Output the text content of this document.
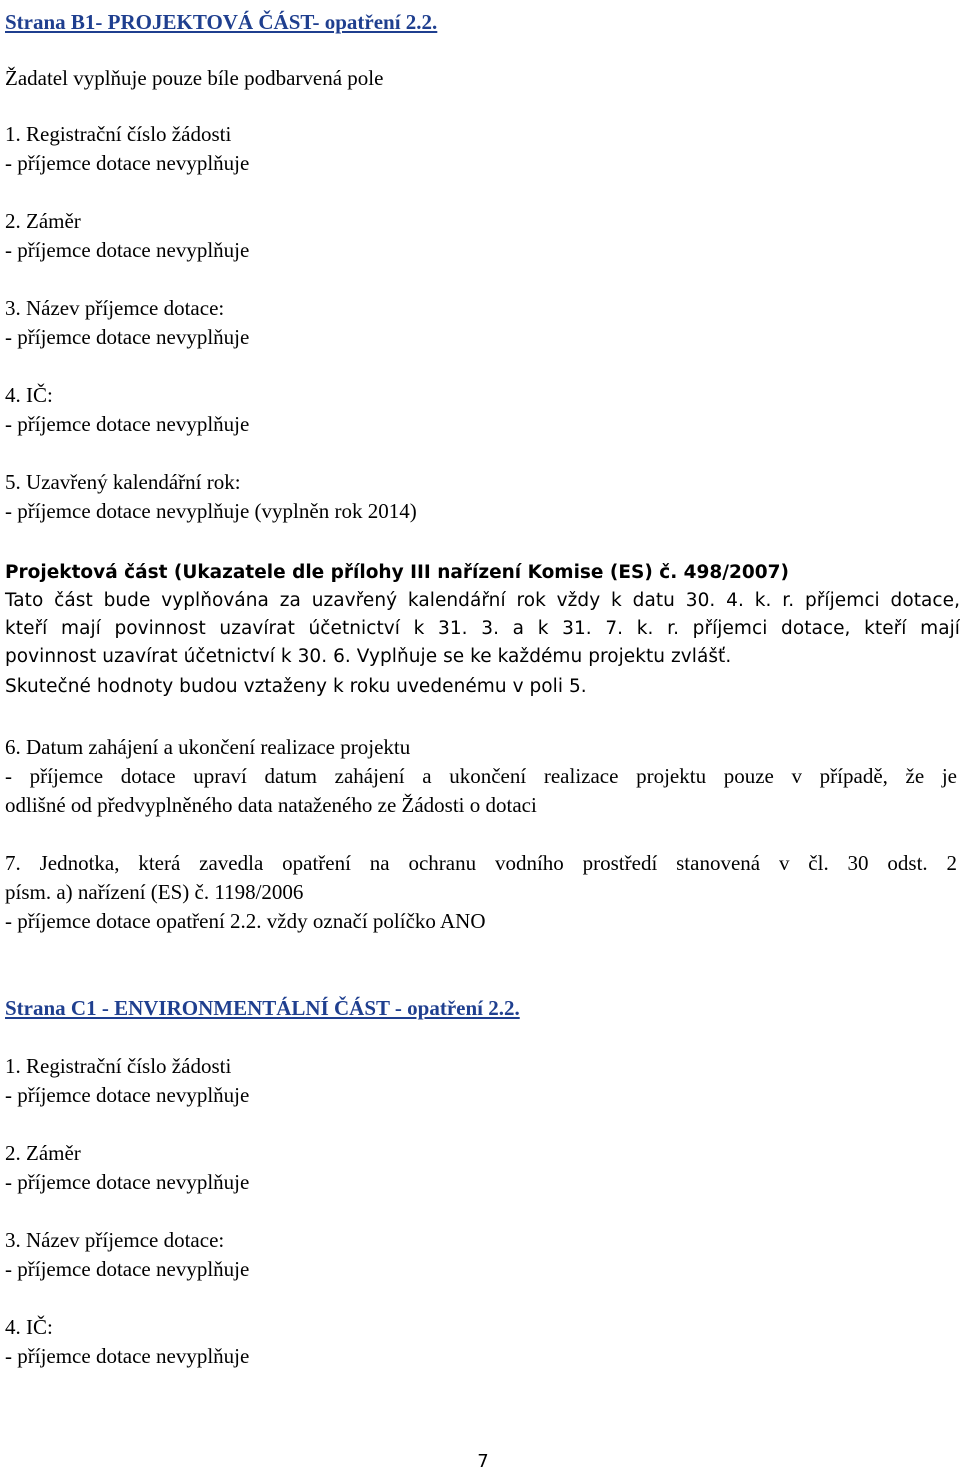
Strana B1- PROJEKTOVÁ ČÁST- opatření 2.2.
Žadatel vyplňuje pouze bíle podbarvená pole
1. Registrační číslo žádosti
- příjemce dotace nevyplňuje
2. Záměr
- příjemce dotace nevyplňuje
3. Název příjemce dotace:
- příjemce dotace nevyplňuje
4. IČ:
- příjemce dotace nevyplňuje
5. Uzavřený kalendářní rok:
- příjemce dotace nevyplňuje (vyplněn rok 2014)
Projektová část (Ukazatele dle přílohy III nařízení Komise (ES) č. 498/2007)
Tato část bude vyplňována za uzavřený kalendářní rok vždy k datu 30. 4. k. r. příjemci dotace,
kteří mají povinnost uzavírat účetnictví k 31. 3. a k 31. 7. k. r. příjemci dotace, kteří mají
povinnost uzavírat účetnictví k 30. 6. Vyplňuje se ke každému projektu zvlášť.
Skutečné hodnoty budou vztaženy k roku uvedenému v poli 5.
6. Datum zahájení a ukončení realizace projektu
- příjemce dotace upraví datum zahájení a ukončení realizace projektu pouze v případě, že je
odlišné od předvyplněného data nataženého ze Žádosti o dotaci
7. Jednotka, která zavedla opatření na ochranu vodního prostředí stanovená v čl. 30 odst. 2
písm. a) nařízení (ES) č. 1198/2006
- příjemce dotace opatření 2.2. vždy označí políčko ANO
Strana C1 - ENVIRONMENTÁLNÍ ČÁST - opatření 2.2.
1. Registrační číslo žádosti
- příjemce dotace nevyplňuje
2. Záměr
- příjemce dotace nevyplňuje
3. Název příjemce dotace:
- příjemce dotace nevyplňuje
4. IČ:
- příjemce dotace nevyplňuje
7
